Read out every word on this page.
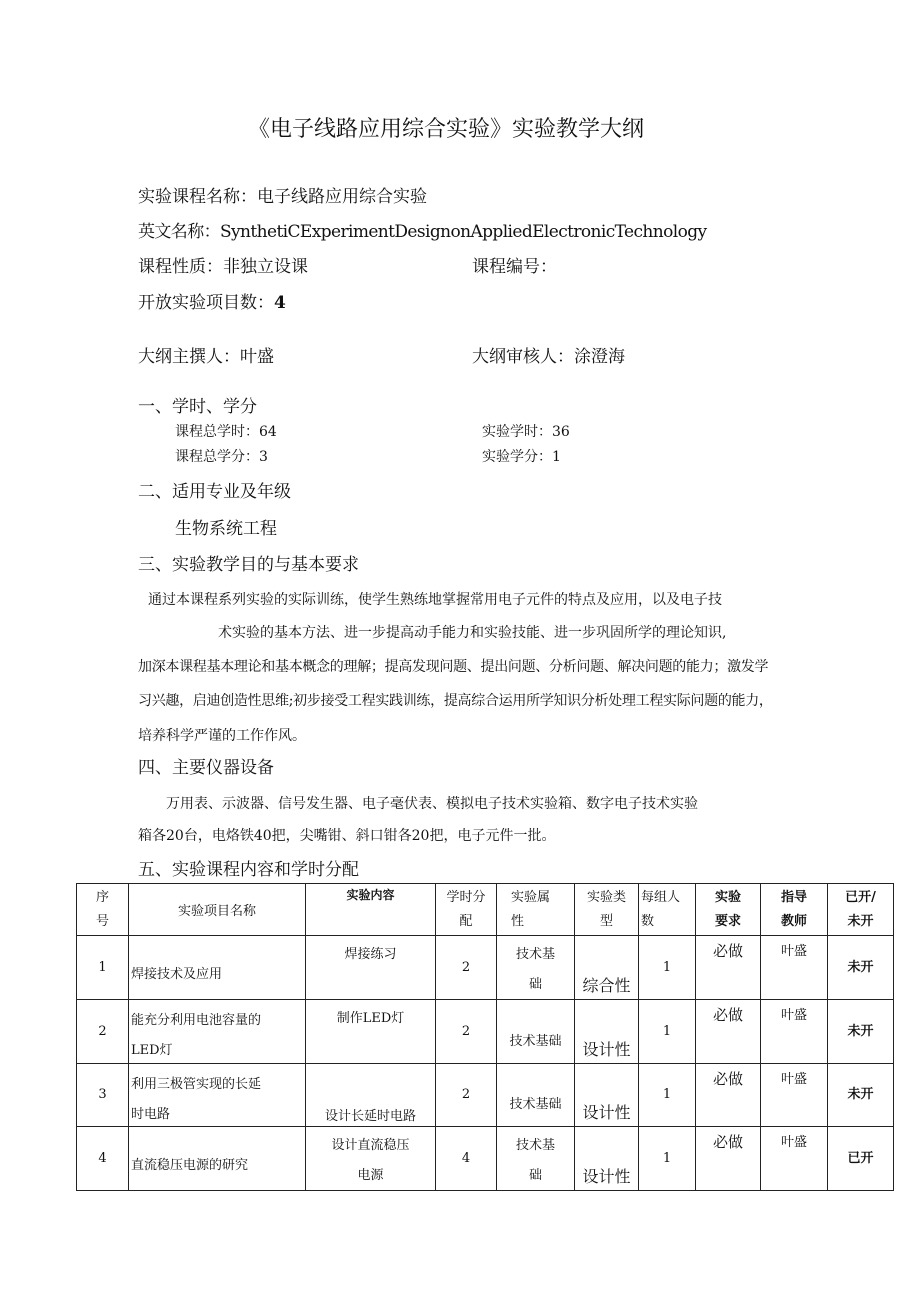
《电子线路应用综合实验》实验教学大纲
实验课程名称：电子线路应用综合实验
英文名称：SynthetiCExperimentDesignonAppliedElectronicTechnology
课程性质：非独立设课	课程编号：
开放实验项目数：4
大纲主撰人：叶盛	大纲审核人：涂澄海
一、学时、学分
课程总学时：64	实验学时：36
课程总学分：3	实验学分：1
二、适用专业及年级
生物系统工程
三、实验教学目的与基本要求
通过本课程系列实验的实际训练，使学生熟练地掌握常用电子元件的特点及应用，以及电子技
术实验的基本方法、进一步提高动手能力和实验技能、进一步巩固所学的理论知识,
加深本课程基本理论和基本概念的理解；提高发现问题、提出问题、分析问题、解决问题的能力；激发学
习兴趣，启迪创造性思维;初步接受工程实践训练，提高综合运用所学知识分析处理工程实际问题的能力，
培养科学严谨的工作作风。
四、主要仪器设备
万用表、示波器、信号发生器、电子毫伏表、模拟电子技术实验箱、数字电子技术实验
箱各20台，电烙铁40把，尖嘴钳、斜口钳各20把，电子元件一批。
五、实验课程内容和学时分配
序
号	实验项目名称	实验内容	学时分
配	实验属
性	实验类
型	每组人
数	实验
要求	指导
教师	已开/
未开

1	焊接技术及应用	焊接练习	2	技术基
础	综合性	1	必做	叶盛	未开

2	能充分利用电池容量的
LED灯	制作LED灯	2	技术基础	设计性	1	必做	叶盛	未开

3	利用三极管实现的长延
时电路	设计长延时电路	2	技术基础	设计性	1	必做	叶盛	未开

4	直流稳压电源的研究	设计直流稳压
电源	4	技术基
础	设计性	1	必做	叶盛	已开
